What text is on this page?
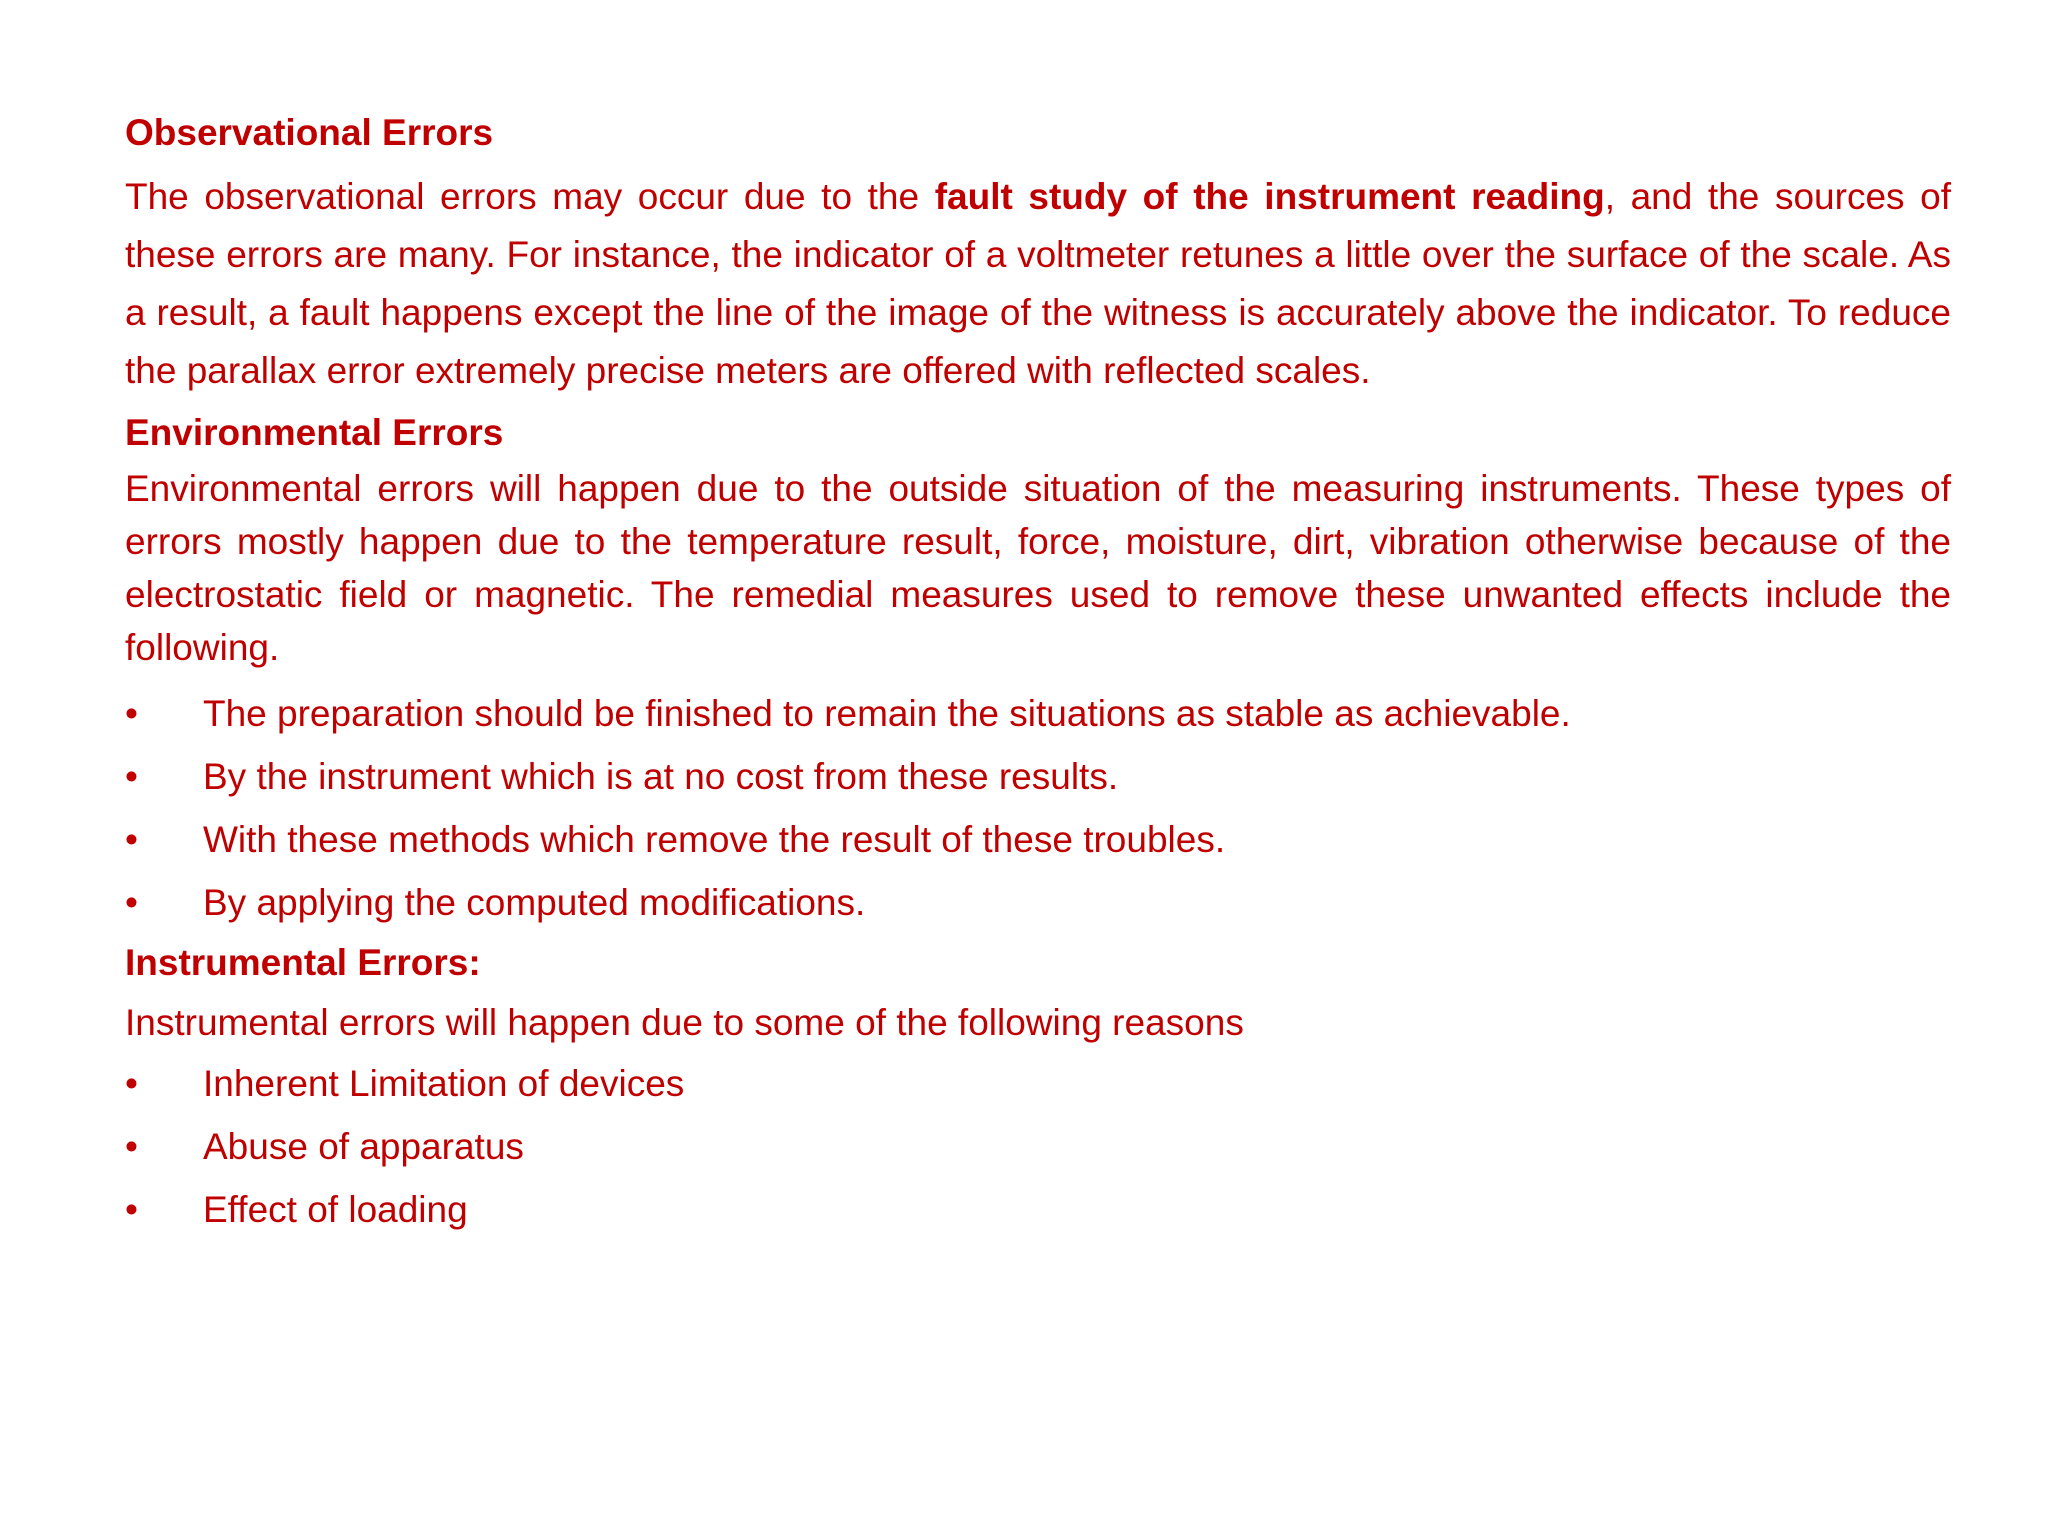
Observational Errors

The observational errors may occur due to the fault study of the instrument reading, and the sources of these errors are many. For instance, the indicator of a voltmeter retunes a little over the surface of the scale. As a result, a fault happens except the line of the image of the witness is accurately above the indicator. To reduce the parallax error extremely precise meters are offered with reflected scales.

Environmental Errors

Environmental errors will happen due to the outside situation of the measuring instruments. These types of errors mostly happen due to the temperature result, force, moisture, dirt, vibration otherwise because of the electrostatic field or magnetic. The remedial measures used to remove these unwanted effects include the following.

•	The preparation should be finished to remain the situations as stable as achievable.
•	By the instrument which is at no cost from these results.
•	With these methods which remove the result of these troubles.
•	By applying the computed modifications.
Instrumental Errors:

Instrumental errors will happen due to some of the following reasons

•	Inherent Limitation of devices
•	Abuse of apparatus
•	Effect of loading
